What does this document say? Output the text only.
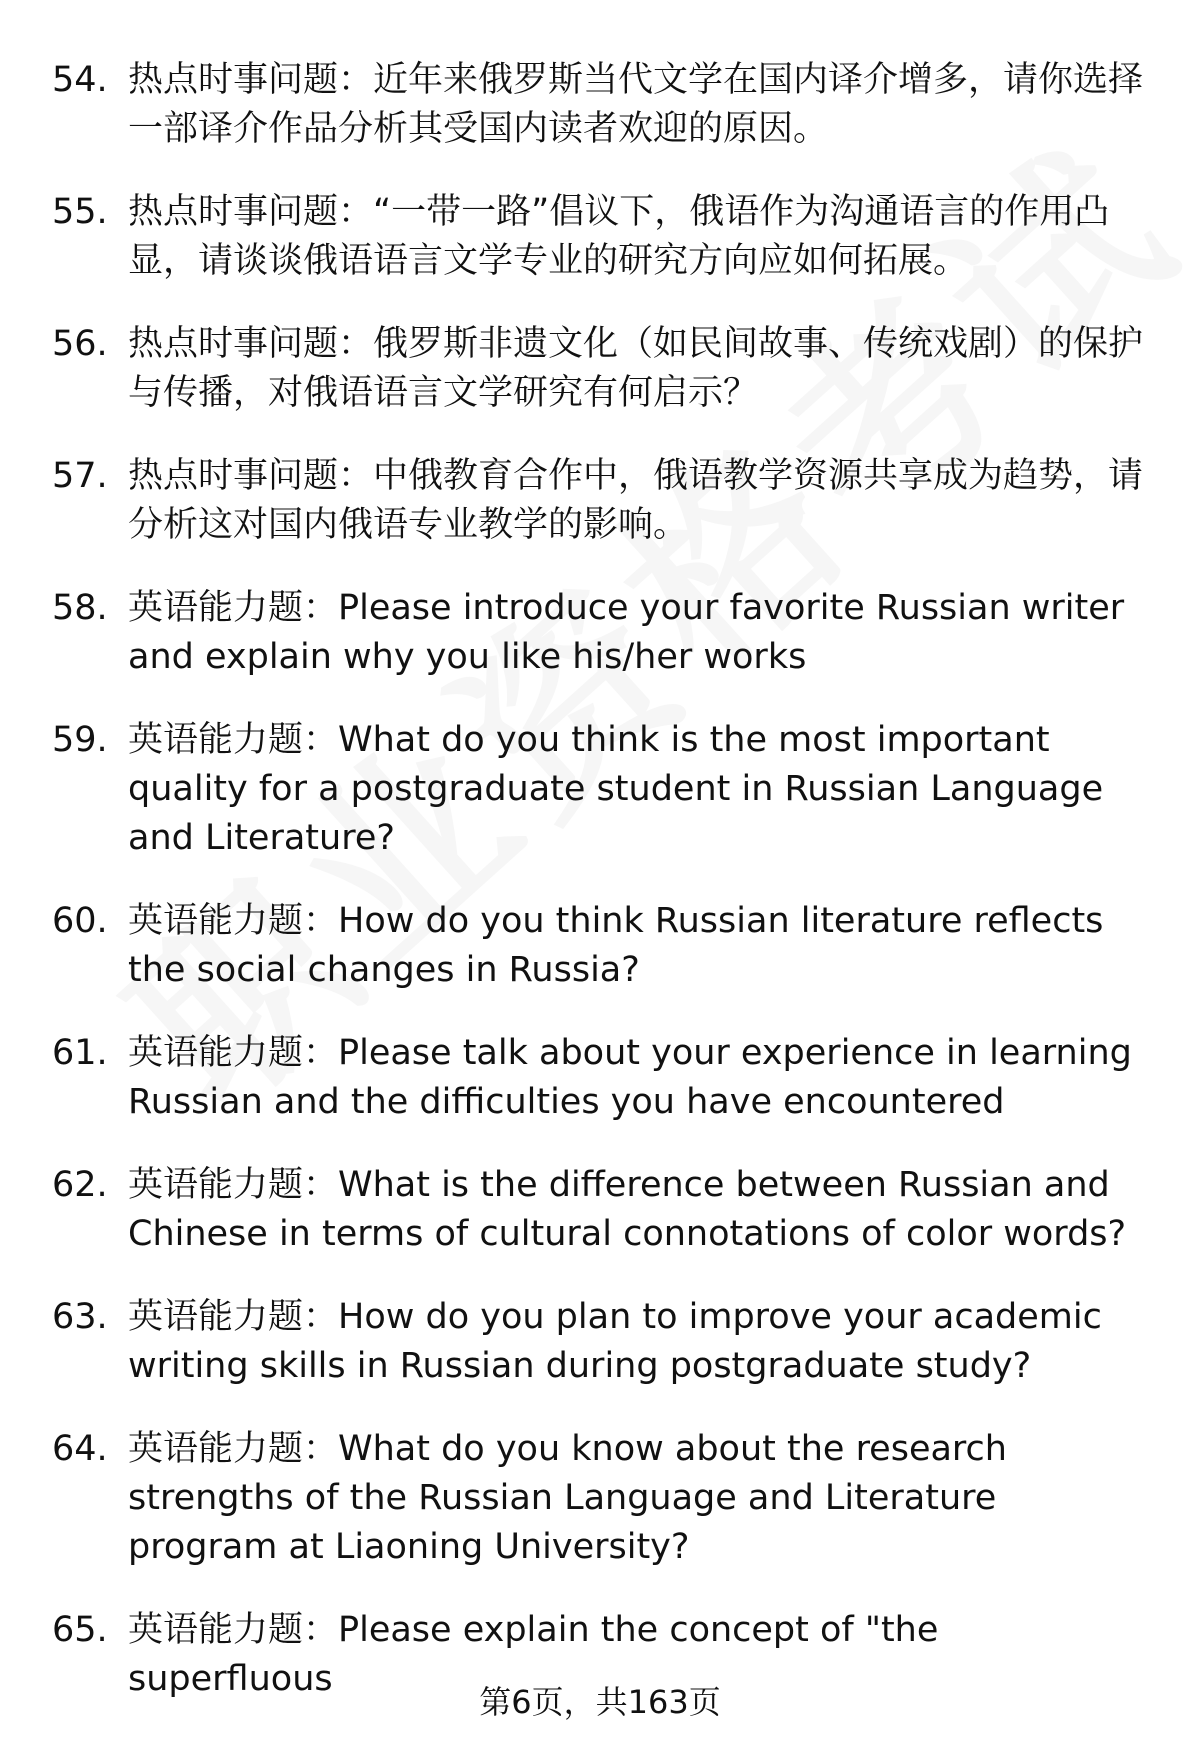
54. 热点时事问题：近年来俄罗斯当代文学在国内译介增多，请你选择一部译介作品分析其受国内读者欢迎的原因。
55. 热点时事问题：“一带一路”倡议下，俄语作为沟通语言的作用凸显，请谈谈俄语语言文学专业的研究方向应如何拓展。
56. 热点时事问题：俄罗斯非遗文化（如民间故事、传统戏剧）的保护与传播，对俄语语言文学研究有何启示？
57. 热点时事问题：中俄教育合作中，俄语教学资源共享成为趋势，请分析这对国内俄语专业教学的影响。
58. 英语能力题：Please introduce your favorite Russian writer and explain why you like his/her works
59. 英语能力题：What do you think is the most important quality for a postgraduate student in Russian Language and Literature?
60. 英语能力题：How do you think Russian literature reflects the social changes in Russia?
61. 英语能力题：Please talk about your experience in learning Russian and the difficulties you have encountered
62. 英语能力题：What is the difference between Russian and Chinese in terms of cultural connotations of color words?
63. 英语能力题：How do you plan to improve your academic writing skills in Russian during postgraduate study?
64. 英语能力题：What do you know about the research strengths of the Russian Language and Literature program at Liaoning University?
65. 英语能力题：Please explain the concept of "the superfluous
第6页，共163页
